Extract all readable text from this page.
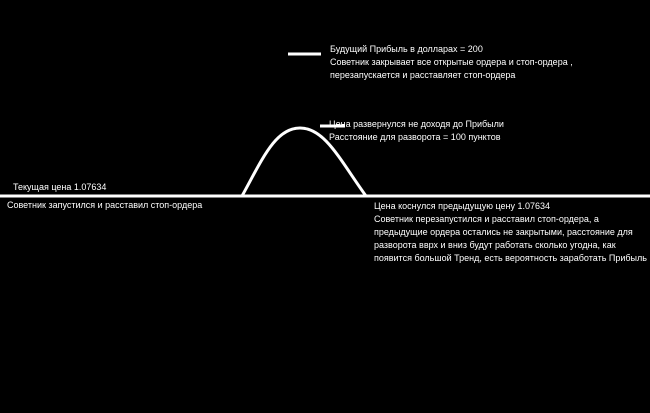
Будущий Прибыль в долларах = 200
Советник закрывает все открытые ордера и стоп-ордера ,
перезапускается и расставляет стоп-ордера
Цена развернулся не доходя до Прибыли
Расстояние для разворота = 100 пунктов
Текущая цена 1.07634
Советник запустился и расставил стоп-ордера	Цена коснулся предыдущую цену 1.07634
Советник перезапустился и расставил стоп-ордера, а
предыдущие ордера остались не закрытыми, расстояние для
разворота вврх и вниз будут работать сколько угодна, как
появится большой Тренд, есть вероятность заработать Прибыль
